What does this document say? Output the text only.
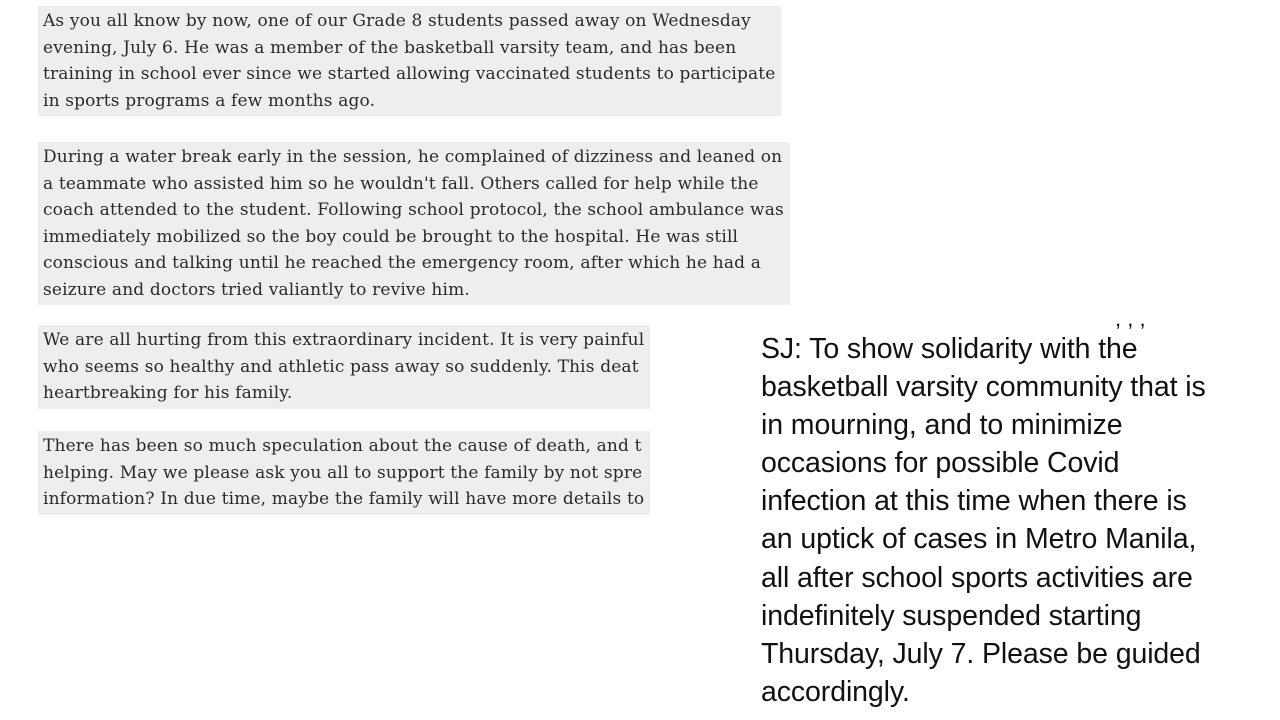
As you all know by now, one of our Grade 8 students passed away on Wednesday
evening, July 6. He was a member of the basketball varsity team, and has been
training in school ever since we started allowing vaccinated students to participate
in sports programs a few months ago.
During a water break early in the session, he complained of dizziness and leaned on
a teammate who assisted him so he wouldn't fall. Others called for help while the
coach attended to the student. Following school protocol, the school ambulance was
immediately mobilized so the boy could be brought to the hospital. He was still
conscious and talking until he reached the emergency room, after which he had a
seizure and doctors tried valiantly to revive him.
We are all hurting from this extraordinary incident. It is very painful
who seems so healthy and athletic pass away so suddenly. This deat
heartbreaking for his family.
There has been so much speculation about the cause of death, and t
helping. May we please ask you all to support the family by not spre
information? In due time, maybe the family will have more details to
, , ,
SJ: To show solidarity with the
basketball varsity community that is
in mourning, and to minimize
occasions for possible Covid
infection at this time when there is
an uptick of cases in Metro Manila,
all after school sports activities are
indefinitely suspended starting
Thursday, July 7. Please be guided
accordingly.
